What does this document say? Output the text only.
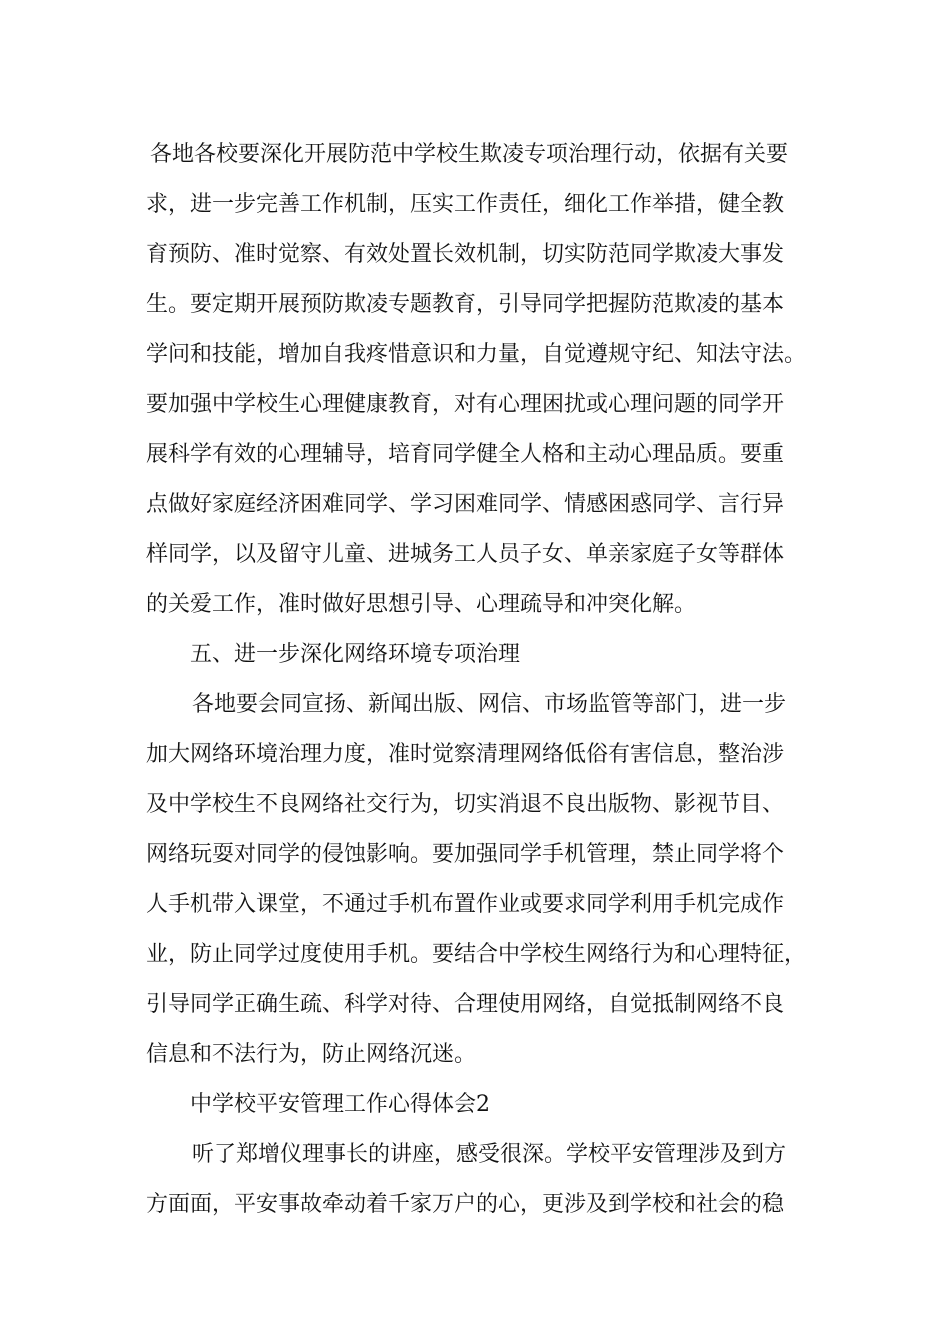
各地各校要深化开展防范中学校生欺凌专项治理行动，依据有关要
求，进一步完善工作机制，压实工作责任，细化工作举措，健全教
育预防、准时觉察、有效处置长效机制，切实防范同学欺凌大事发
生。要定期开展预防欺凌专题教育，引导同学把握防范欺凌的基本
学问和技能，增加自我疼惜意识和力量，自觉遵规守纪、知法守法。
要加强中学校生心理健康教育，对有心理困扰或心理问题的同学开
展科学有效的心理辅导，培育同学健全人格和主动心理品质。要重
点做好家庭经济困难同学、学习困难同学、情感困惑同学、言行异
样同学，以及留守儿童、进城务工人员子女、单亲家庭子女等群体
的关爱工作，准时做好思想引导、心理疏导和冲突化解。
五、进一步深化网络环境专项治理
各地要会同宣扬、新闻出版、网信、市场监管等部门，进一步
加大网络环境治理力度，准时觉察清理网络低俗有害信息，整治涉
及中学校生不良网络社交行为，切实消退不良出版物、影视节目、
网络玩耍对同学的侵蚀影响。要加强同学手机管理，禁止同学将个
人手机带入课堂，不通过手机布置作业或要求同学利用手机完成作
业，防止同学过度使用手机。要结合中学校生网络行为和心理特征，
引导同学正确生疏、科学对待、合理使用网络，自觉抵制网络不良
信息和不法行为，防止网络沉迷。
中学校平安管理工作心得体会2
听了郑增仪理事长的讲座，感受很深。学校平安管理涉及到方
方面面，平安事故牵动着千家万户的心，更涉及到学校和社会的稳
